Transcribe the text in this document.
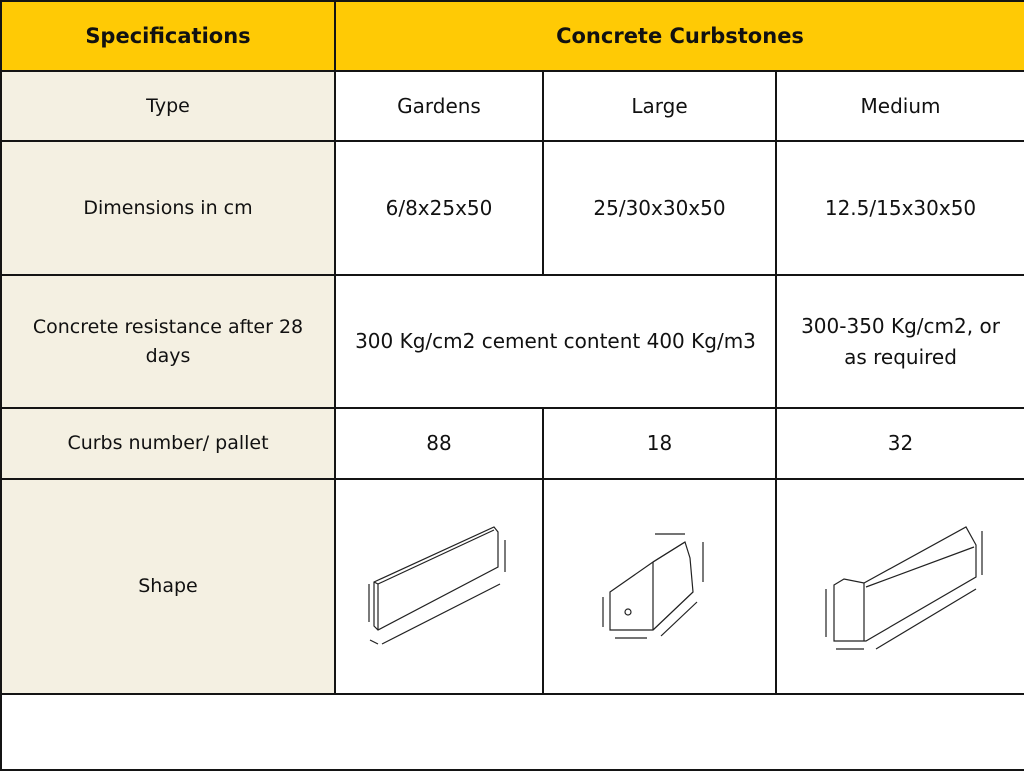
Specifications	Concrete Curbstones		
Type	Gardens	Large	Medium
Dimensions in cm	6/8x25x50	25/30x30x50	12.5/15x30x50
Concrete resistance after 28 days	300 Kg/cm2 cement content 400 Kg/m3		300-350 Kg/cm2, or as required
Curbs number/ pallet	88	18	32
Shape	
